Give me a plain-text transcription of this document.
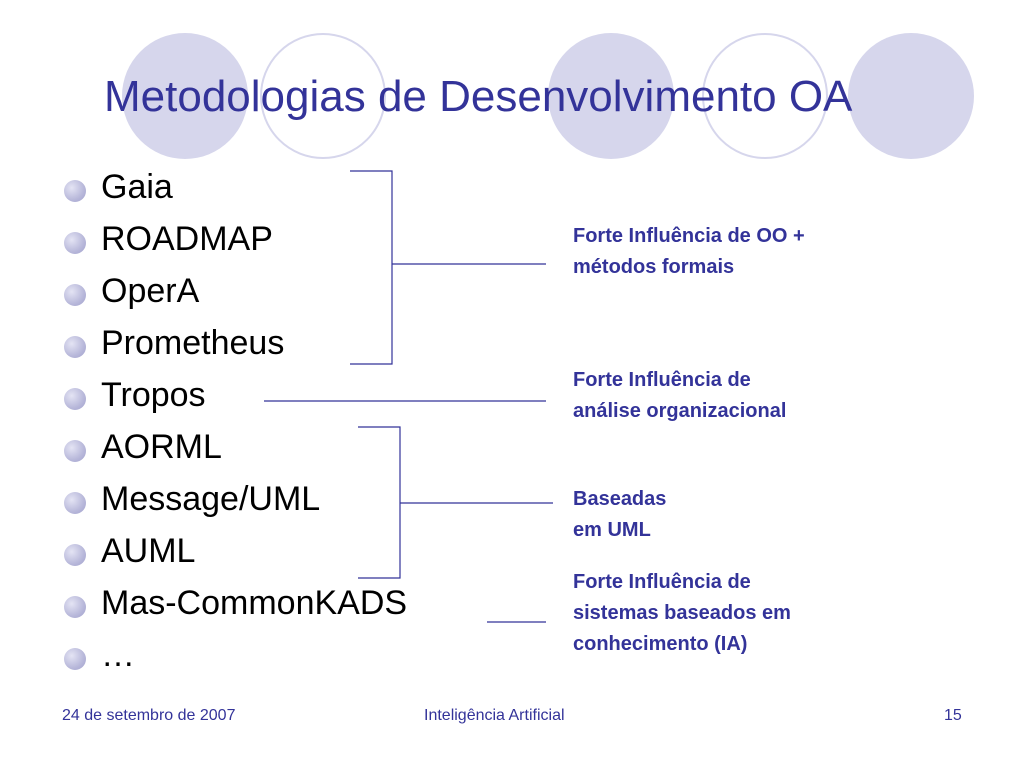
Metodologias de Desenvolvimento OA
Gaia
ROADMAP
OperA
Prometheus
Tropos
AORML
Message/UML
AUML
Mas-CommonKADS
…
Forte Influência de OO +
métodos formais
Forte Influência de
análise organizacional
Baseadas
em UML
Forte Influência de
sistemas baseados em
conhecimento (IA)
24 de setembro de 2007	Inteligência Artificial	15
